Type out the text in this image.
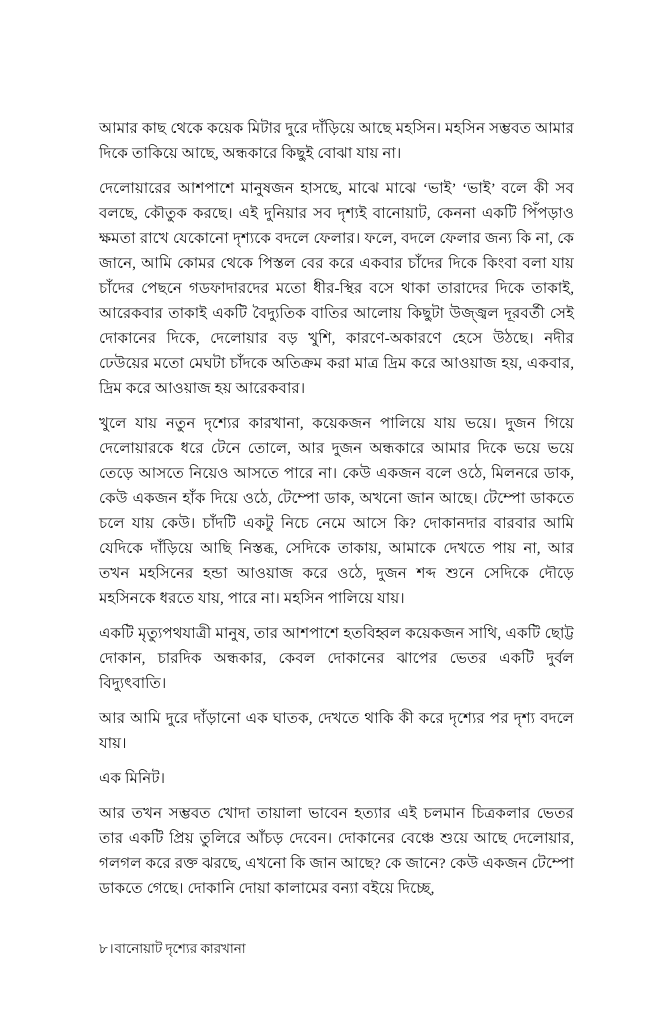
আমার কাছ থেকে কয়েক মিটার দুরে দাঁড়িয়ে আছে মহসিন। মহসিন সম্ভবত আমার দিকে তাকিয়ে আছে, অন্ধকারে কিছুই বোঝা যায় না।

দেলোয়ারের আশপাশে মানুষজন হাসছে, মাঝে মাঝে ‘ভাই’ ‘ভাই’ বলে কী সব বলছে, কৌতুক করছে। এই দুনিয়ার সব দৃশ্যই বানোয়াট, কেননা একটি পিঁপড়াও ক্ষমতা রাখে যেকোনো দৃশ্যকে বদলে ফেলার। ফলে, বদলে ফেলার জন্য কি না, কে জানে, আমি কোমর থেকে পিস্তল বের করে একবার চাঁদের দিকে কিংবা বলা যায় চাঁদের পেছনে গডফাদারদের মতো ধীর-স্থির বসে থাকা তারাদের দিকে তাকাই, আরেকবার তাকাই একটি বৈদ্যুতিক বাতির আলোয় কিছুটা উজ্জ্বল দূরবর্তী সেই দোকানের দিকে, দেলোয়ার বড় খুশি, কারণে-অকারণে হেসে উঠছে। নদীর ঢেউয়ের মতো মেঘটা চাঁদকে অতিক্রম করা মাত্র দ্রিম করে আওয়াজ হয়, একবার, দ্রিম করে আওয়াজ হয় আরেকবার।

খুলে যায় নতুন দৃশ্যের কারখানা, কয়েকজন পালিয়ে যায় ভয়ে। দুজন গিয়ে দেলোয়ারকে ধরে টেনে তোলে, আর দুজন অন্ধকারে আমার দিকে ভয়ে ভয়ে তেড়ে আসতে নিয়েও আসতে পারে না। কেউ একজন বলে ওঠে, মিলনরে ডাক, কেউ একজন হাঁক দিয়ে ওঠে, টেম্পো ডাক, অখনো জান আছে। টেম্পো ডাকতে চলে যায় কেউ। চাঁদটি একটু নিচে নেমে আসে কি? দোকানদার বারবার আমি যেদিকে দাঁড়িয়ে আছি নিস্তব্ধ, সেদিকে তাকায়, আমাকে দেখতে পায় না, আর তখন মহসিনের হন্ডা আওয়াজ করে ওঠে, দুজন শব্দ শুনে সেদিকে দৌড়ে মহসিনকে ধরতে যায়, পারে না। মহসিন পালিয়ে যায়।

একটি মৃত্যুপথযাত্রী মানুষ, তার আশপাশে হতবিহ্বল কয়েকজন সাথি, একটি ছোট্ট দোকান, চারদিক অন্ধকার, কেবল দোকানের ঝাপের ভেতর একটি দুর্বল বিদ্যুৎবাতি।

আর আমি দুরে দাঁড়ানো এক ঘাতক, দেখতে থাকি কী করে দৃশ্যের পর দৃশ্য বদলে যায়।

এক মিনিট।

আর তখন সম্ভবত খোদা তায়ালা ভাবেন হত্যার এই চলমান চিত্রকলার ভেতর তার একটি প্রিয় তুলিরে আঁচড় দেবেন। দোকানের বেঞ্চে শুয়ে আছে দেলোয়ার, গলগল করে রক্ত ঝরছে, এখনো কি জান আছে? কে জানে? কেউ একজন টেম্পো ডাকতে গেছে। দোকানি দোয়া কালামের বন্যা বইয়ে দিচ্ছে,

৮।বানোয়াট দৃশ্যের কারখানা
